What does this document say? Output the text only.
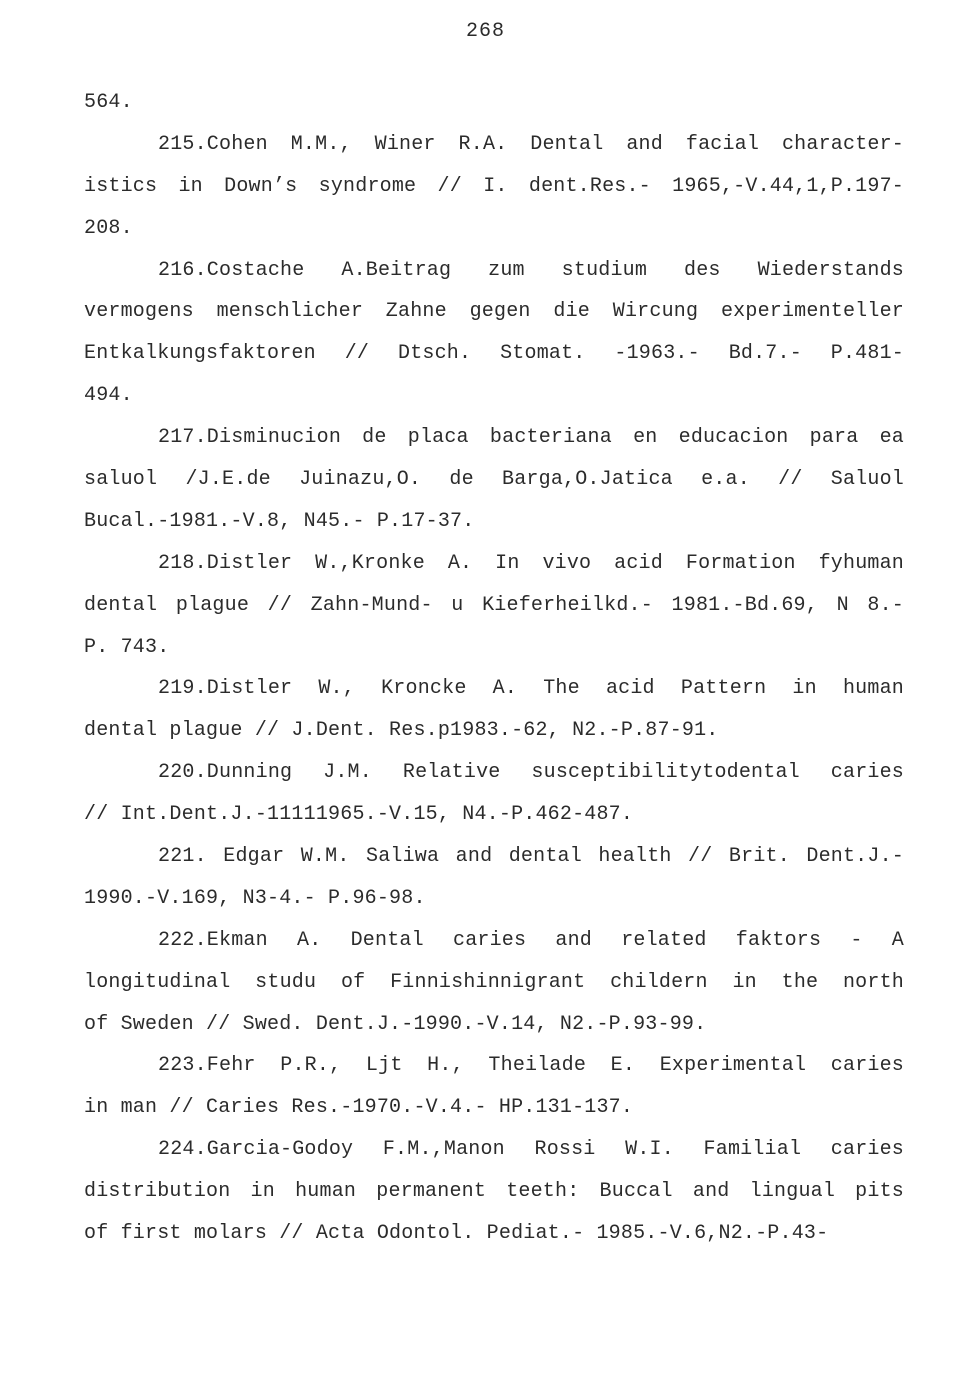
268
564.
215.Cohen M.M., Winer R.A. Dental and facial character-
istics in Down’s syndrome // I. dent.Res.- 1965,-V.44,1,P.197-
208.
216.Costache A.Beitrag zum studium des Wiederstands
vermogens menschlicher Zahne gegen die Wircung experimenteller
Entkalkungsfaktoren // Dtsch. Stomat. -1963.- Bd.7.- P.481-
494.
217.Disminucion de placa bacteriana en educacion para ea
saluol /J.E.de Juinazu,O. de Barga,O.Jatica e.a. // Saluol
Bucal.-1981.-V.8, N45.- P.17-37.
218.Distler W.,Kronke A. In vivo acid Formation fyhuman
dental plague // Zahn-Mund- u Kieferheilkd.- 1981.-Bd.69, N 8.-
P. 743.
219.Distler W., Kroncke A. The acid Pattern in human
dental plague // J.Dent. Res.p1983.-62, N2.-P.87-91.
220.Dunning J.M. Relative susceptibilitytodental caries
// Int.Dent.J.-11111965.-V.15, N4.-P.462-487.
221. Edgar W.M. Saliwa and dental health // Brit. Dent.J.-
1990.-V.169, N3-4.- P.96-98.
222.Ekman A. Dental caries and related faktors - A
longitudinal studu of Finnishinnigrant childern in the north
of Sweden // Swed. Dent.J.-1990.-V.14, N2.-P.93-99.
223.Fehr P.R., Ljt H., Theilade E. Experimental caries
in man // Caries Res.-1970.-V.4.- HP.131-137.
224.Garcia-Godoy F.M.,Manon Rossi W.I. Familial caries
distribution in human permanent teeth: Buccal and lingual pits
of first molars // Acta Odontol. Pediat.- 1985.-V.6,N2.-P.43-
